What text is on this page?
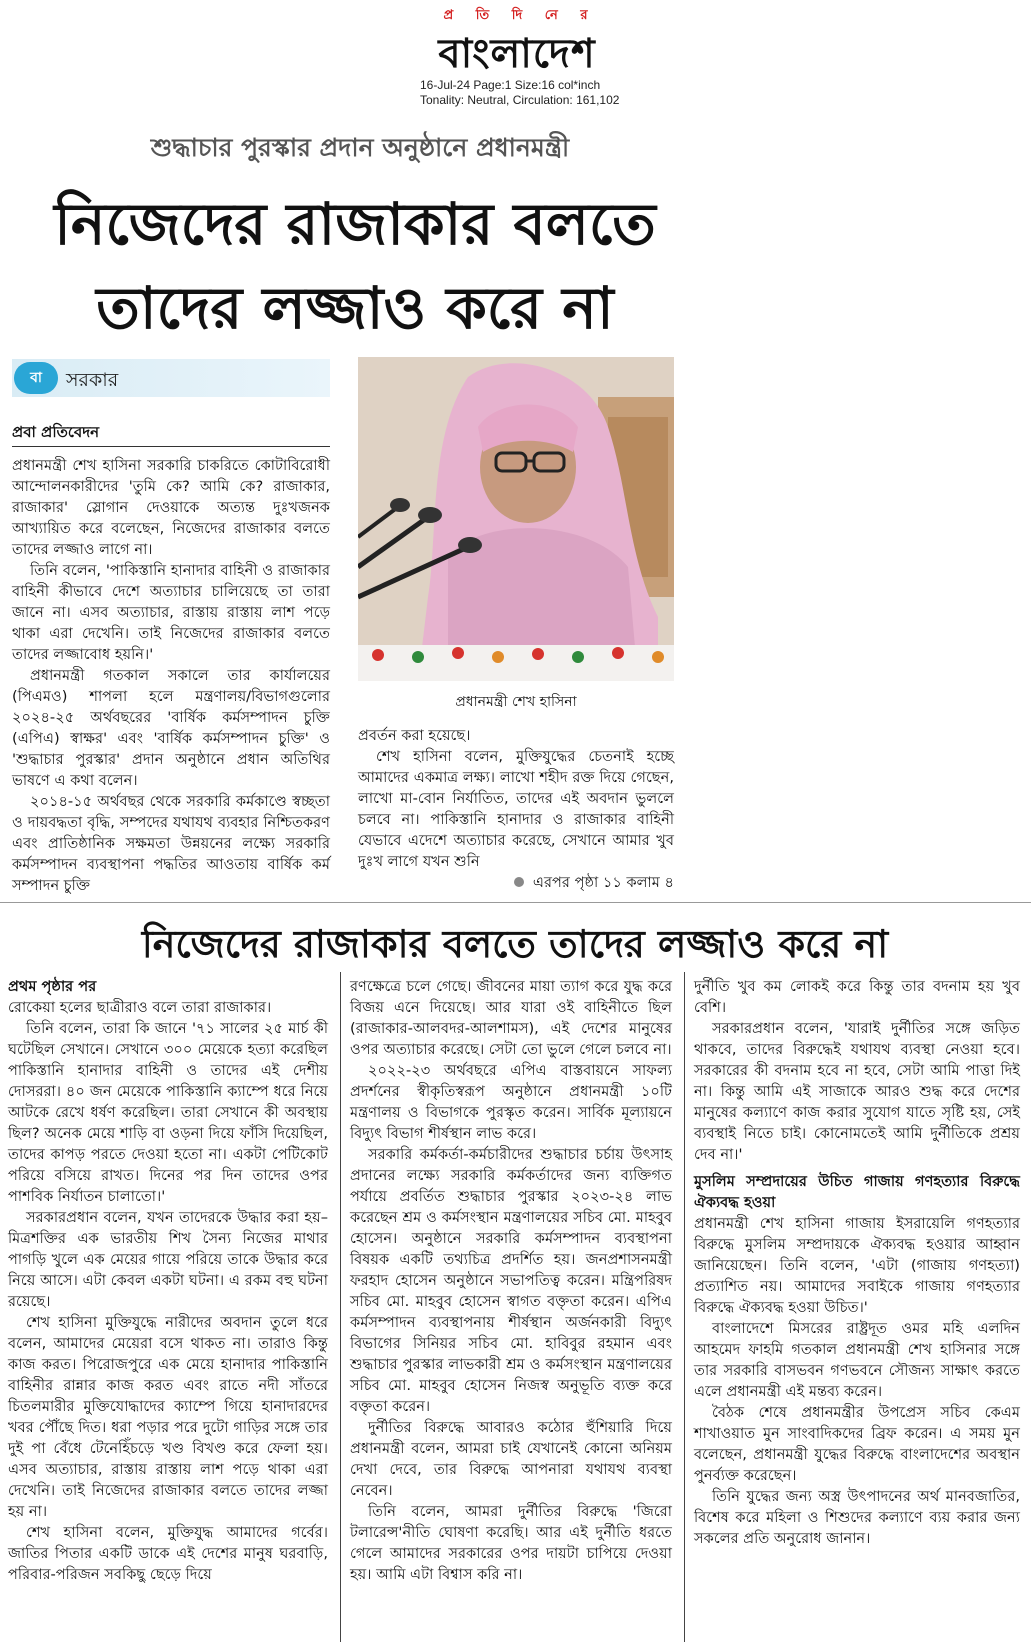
প্র তি দি নে র
বাংলাদেশ
16-Jul-24 Page:1 Size:16 col*inch
Tonality: Neutral, Circulation: 161,102
শুদ্ধাচার পুরস্কার প্রদান অনুষ্ঠানে প্রধানমন্ত্রী
নিজেদের রাজাকার বলতে
তাদের লজ্জাও করে না
বা	সরকার
প্রবা প্রতিবেদন
প্রধানমন্ত্রী শেখ হাসিনা

প্রধানমন্ত্রী শেখ হাসিনা সরকারি চাকরিতে কোটাবিরোধী আন্দোলনকারীদের 'তুমি কে? আমি কে? রাজাকার, রাজাকার' স্লোগান দেওয়াকে অত্যন্ত দুঃখজনক আখ্যায়িত করে বলেছেন, নিজেদের রাজাকার বলতে তাদের লজ্জাও লাগে না।

তিনি বলেন, 'পাকিস্তানি হানাদার বাহিনী ও রাজাকার বাহিনী কীভাবে দেশে অত্যাচার চালিয়েছে তা তারা জানে না। এসব অত্যাচার, রাস্তায় রাস্তায় লাশ পড়ে থাকা এরা দেখেনি। তাই নিজেদের রাজাকার বলতে তাদের লজ্জাবোধ হয়নি।'

প্রধানমন্ত্রী গতকাল সকালে তার কার্যালয়ের (পিএমও) শাপলা হলে মন্ত্রণালয়/বিভাগগুলোর ২০২৪-২৫ অর্থবছরের 'বার্ষিক কর্মসম্পাদন চুক্তি (এপিএ) স্বাক্ষর' এবং 'বার্ষিক কর্মসম্পাদন চুক্তি' ও 'শুদ্ধাচার পুরস্কার' প্রদান অনুষ্ঠানে প্রধান অতিথির ভাষণে এ কথা বলেন।

২০১৪-১৫ অর্থবছর থেকে সরকারি কর্মকাণ্ডে স্বচ্ছতা ও দায়বদ্ধতা বৃদ্ধি, সম্পদের যথাযথ ব্যবহার নিশ্চিতকরণ এবং প্রাতিষ্ঠানিক সক্ষমতা উন্নয়নের লক্ষ্যে সরকারি কর্মসম্পাদন ব্যবস্থাপনা পদ্ধতির আওতায় বার্ষিক কর্ম সম্পাদন চুক্তি

প্রবর্তন করা হয়েছে।

শেখ হাসিনা বলেন, মুক্তিযুদ্ধের চেতনাই হচ্ছে আমাদের একমাত্র লক্ষ্য। লাখো শহীদ রক্ত দিয়ে গেছেন, লাখো মা-বোন নির্যাতিত, তাদের এই অবদান ভুললে চলবে না। পাকিস্তানি হানাদার ও রাজাকার বাহিনী যেভাবে এদেশে অত্যাচার করেছে, সেখানে আমার খুব দুঃখ লাগে যখন শুনি

এরপর পৃষ্ঠা ১১ কলাম ৪
নিজেদের রাজাকার বলতে তাদের লজ্জাও করে না

প্রথম পৃষ্ঠার পর

রোকেয়া হলের ছাত্রীরাও বলে তারা রাজাকার।

তিনি বলেন, তারা কি জানে '৭১ সালের ২৫ মার্চ কী ঘটেছিল সেখানে। সেখানে ৩০০ মেয়েকে হত্যা করেছিল পাকিস্তানি হানাদার বাহিনী ও তাদের এই দেশীয় দোসররা। ৪০ জন মেয়েকে পাকিস্তানি ক্যাম্পে ধরে নিয়ে আটকে রেখে ধর্ষণ করেছিল। তারা সেখানে কী অবস্থায় ছিল? অনেক মেয়ে শাড়ি বা ওড়না দিয়ে ফাঁসি দিয়েছিল, তাদের কাপড় পরতে দেওয়া হতো না। একটা পেটিকোট পরিয়ে বসিয়ে রাখত। দিনের পর দিন তাদের ওপর পাশবিক নির্যাতন চালাতো।'

সরকারপ্রধান বলেন, যখন তাদেরকে উদ্ধার করা হয়– মিত্রশক্তির এক ভারতীয় শিখ সৈন্য নিজের মাথার পাগড়ি খুলে এক মেয়ের গায়ে পরিয়ে তাকে উদ্ধার করে নিয়ে আসে। এটা কেবল একটা ঘটনা। এ রকম বহু ঘটনা রয়েছে।

শেখ হাসিনা মুক্তিযুদ্ধে নারীদের অবদান তুলে ধরে বলেন, আমাদের মেয়েরা বসে থাকত না। তারাও কিন্তু কাজ করত। পিরোজপুরে এক মেয়ে হানাদার পাকিস্তানি বাহিনীর রান্নার কাজ করত এবং রাতে নদী সাঁতরে চিতলমারীর মুক্তিযোদ্ধাদের ক্যাম্পে গিয়ে হানাদারদের খবর পৌঁছে দিত। ধরা পড়ার পরে দুটো গাড়ির সঙ্গে তার দুই পা বেঁধে টেনেহিঁচড়ে খণ্ড বিখণ্ড করে ফেলা হয়। এসব অত্যাচার, রাস্তায় রাস্তায় লাশ পড়ে থাকা এরা দেখেনি। তাই নিজেদের রাজাকার বলতে তাদের লজ্জা হয় না।

শেখ হাসিনা বলেন, মুক্তিযুদ্ধ আমাদের গর্বের। জাতির পিতার একটি ডাকে এই দেশের মানুষ ঘরবাড়ি, পরিবার-পরিজন সবকিছু ছেড়ে দিয়ে

রণক্ষেত্রে চলে গেছে। জীবনের মায়া ত্যাগ করে যুদ্ধ করে বিজয় এনে দিয়েছে। আর যারা ওই বাহিনীতে ছিল (রাজাকার-আলবদর-আলশামস), এই দেশের মানুষের ওপর অত্যাচার করেছে। সেটা তো ভুলে গেলে চলবে না।

২০২২-২৩ অর্থবছরে এপিএ বাস্তবায়নে সাফল্য প্রদর্শনের স্বীকৃতিস্বরূপ অনুষ্ঠানে প্রধানমন্ত্রী ১০টি মন্ত্রণালয় ও বিভাগকে পুরস্কৃত করেন। সার্বিক মূল্যায়নে বিদ্যুৎ বিভাগ শীর্ষস্থান লাভ করে।

সরকারি কর্মকর্তা-কর্মচারীদের শুদ্ধাচার চর্চায় উৎসাহ প্রদানের লক্ষ্যে সরকারি কর্মকর্তাদের জন্য ব্যক্তিগত পর্যায়ে প্রবর্তিত শুদ্ধাচার পুরস্কার ২০২৩-২৪ লাভ করেছেন শ্রম ও কর্মসংস্থান মন্ত্রণালয়ের সচিব মো. মাহবুব হোসেন। অনুষ্ঠানে সরকারি কর্মসম্পাদন ব্যবস্থাপনা বিষয়ক একটি তথ্যচিত্র প্রদর্শিত হয়। জনপ্রশাসনমন্ত্রী ফরহাদ হোসেন অনুষ্ঠানে সভাপতিত্ব করেন। মন্ত্রিপরিষদ সচিব মো. মাহবুব হোসেন স্বাগত বক্তৃতা করেন। এপিএ কর্মসম্পাদন ব্যবস্থাপনায় শীর্ষস্থান অর্জনকারী বিদ্যুৎ বিভাগের সিনিয়র সচিব মো. হাবিবুর রহমান এবং শুদ্ধাচার পুরস্কার লাভকারী শ্রম ও কর্মসংস্থান মন্ত্রণালয়ের সচিব মো. মাহবুব হোসেন নিজস্ব অনুভূতি ব্যক্ত করে বক্তৃতা করেন।

দুর্নীতির বিরুদ্ধে আবারও কঠোর হুঁশিয়ারি দিয়ে প্রধানমন্ত্রী বলেন, আমরা চাই যেখানেই কোনো অনিয়ম দেখা দেবে, তার বিরুদ্ধে আপনারা যথাযথ ব্যবস্থা নেবেন।

তিনি বলেন, আমরা দুর্নীতির বিরুদ্ধে 'জিরো টলারেন্স'নীতি ঘোষণা করেছি। আর এই দুর্নীতি ধরতে গেলে আমাদের সরকারের ওপর দায়টা চাপিয়ে দেওয়া হয়। আমি এটা বিশ্বাস করি না।

দুর্নীতি খুব কম লোকই করে কিন্তু তার বদনাম হয় খুব বেশি।

সরকারপ্রধান বলেন, 'যারাই দুর্নীতির সঙ্গে জড়িত থাকবে, তাদের বিরুদ্ধেই যথাযথ ব্যবস্থা নেওয়া হবে। সরকারের কী বদনাম হবে না হবে, সেটা আমি পাত্তা দিই না। কিন্তু আমি এই সাজাকে আরও শুদ্ধ করে দেশের মানুষের কল্যাণে কাজ করার সুযোগ যাতে সৃষ্টি হয়, সেই ব্যবস্থাই নিতে চাই। কোনোমতেই আমি দুর্নীতিকে প্রশ্রয় দেব না।'

মুসলিম সম্প্রদায়ের উচিত গাজায় গণহত্যার বিরুদ্ধে ঐক্যবদ্ধ হওয়া

প্রধানমন্ত্রী শেখ হাসিনা গাজায় ইসরায়েলি গণহত্যার বিরুদ্ধে মুসলিম সম্প্রদায়কে ঐক্যবদ্ধ হওয়ার আহ্বান জানিয়েছেন। তিনি বলেন, 'এটা (গাজায় গণহত্যা) প্রত্যাশিত নয়। আমাদের সবাইকে গাজায় গণহত্যার বিরুদ্ধে ঐক্যবদ্ধ হওয়া উচিত।'

বাংলাদেশে মিসরের রাষ্ট্রদূত ওমর মহি এলদিন আহমেদ ফাহমি গতকাল প্রধানমন্ত্রী শেখ হাসিনার সঙ্গে তার সরকারি বাসভবন গণভবনে সৌজন্য সাক্ষাৎ করতে এলে প্রধানমন্ত্রী এই মন্তব্য করেন।

বৈঠক শেষে প্রধানমন্ত্রীর উপপ্রেস সচিব কেএম শাখাওয়াত মুন সাংবাদিকদের ব্রিফ করেন। এ সময় মুন বলেছেন, প্রধানমন্ত্রী যুদ্ধের বিরুদ্ধে বাংলাদেশের অবস্থান পুনর্ব্যক্ত করেছেন।

তিনি যুদ্ধের জন্য অস্ত্র উৎপাদনের অর্থ মানবজাতির, বিশেষ করে মহিলা ও শিশুদের কল্যাণে ব্যয় করার জন্য সকলের প্রতি অনুরোধ জানান।
